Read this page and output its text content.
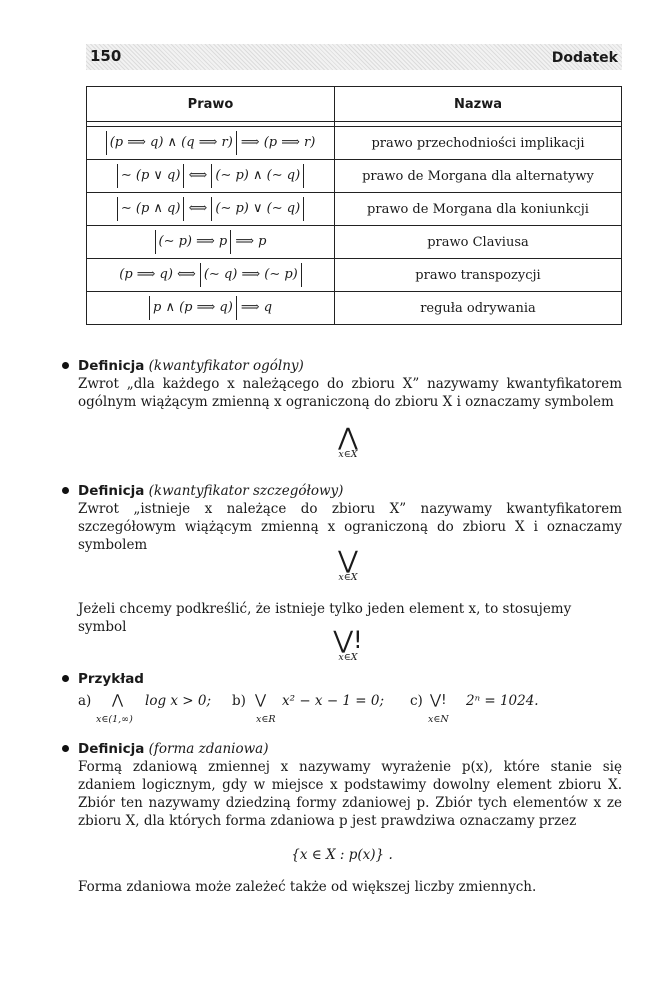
150	Dodatek
Prawo	Nazwa

(p ⟹ q) ∧ (q ⟹ r) ⟹ (p ⟹ r)	prawo przechodniości implikacji
∼ (p ∨ q) ⟺ (∼ p) ∧ (∼ q)	prawo de Morgana dla alternatywy
∼ (p ∧ q) ⟺ (∼ p) ∨ (∼ q)	prawo de Morgana dla koniunkcji
(∼ p) ⟹ p ⟹ p	prawo Claviusa
(p ⟹ q) ⟺ (∼ q) ⟹ (∼ p)	prawo transpozycji
p ∧ (p ⟹ q) ⟹ q	reguła odrywania
Definicja (kwantyfikator ogólny)
Zwrot „dla każdego x należącego do zbioru X” nazywamy kwantyfikatorem ogólnym wiążącym zmienną x ograniczoną do zbioru X i oznaczamy symbolem
⋀
x∈X
Definicja (kwantyfikator szczegółowy)
Zwrot „istnieje x należące do zbioru X” nazywamy kwantyfikatorem szczegółowym wiążącym zmienną x ograniczoną do zbioru X i oznaczamy symbolem
⋁
x∈X
Jeżeli chcemy podkreślić, że istnieje tylko jeden element x, to stosujemy symbol	⋁!
x∈X
Przykład
a) ⋀ log x > 0;
x∈(1,∞)
b) ⋁ x² − x − 1 = 0;
x∈R
c) ⋁! 2ⁿ = 1024.
x∈N
Definicja (forma zdaniowa)
Formą zdaniową zmiennej x nazywamy wyrażenie p(x), które stanie się zdaniem logicznym, gdy w miejsce x podstawimy dowolny element zbioru X. Zbiór ten nazywamy dziedziną formy zdaniowej p. Zbiór tych elementów x ze zbioru X, dla których forma zdaniowa p jest prawdziwa oznaczamy przez
{x ∈ X : p(x)} .
Forma zdaniowa może zależeć także od większej liczby zmiennych.
